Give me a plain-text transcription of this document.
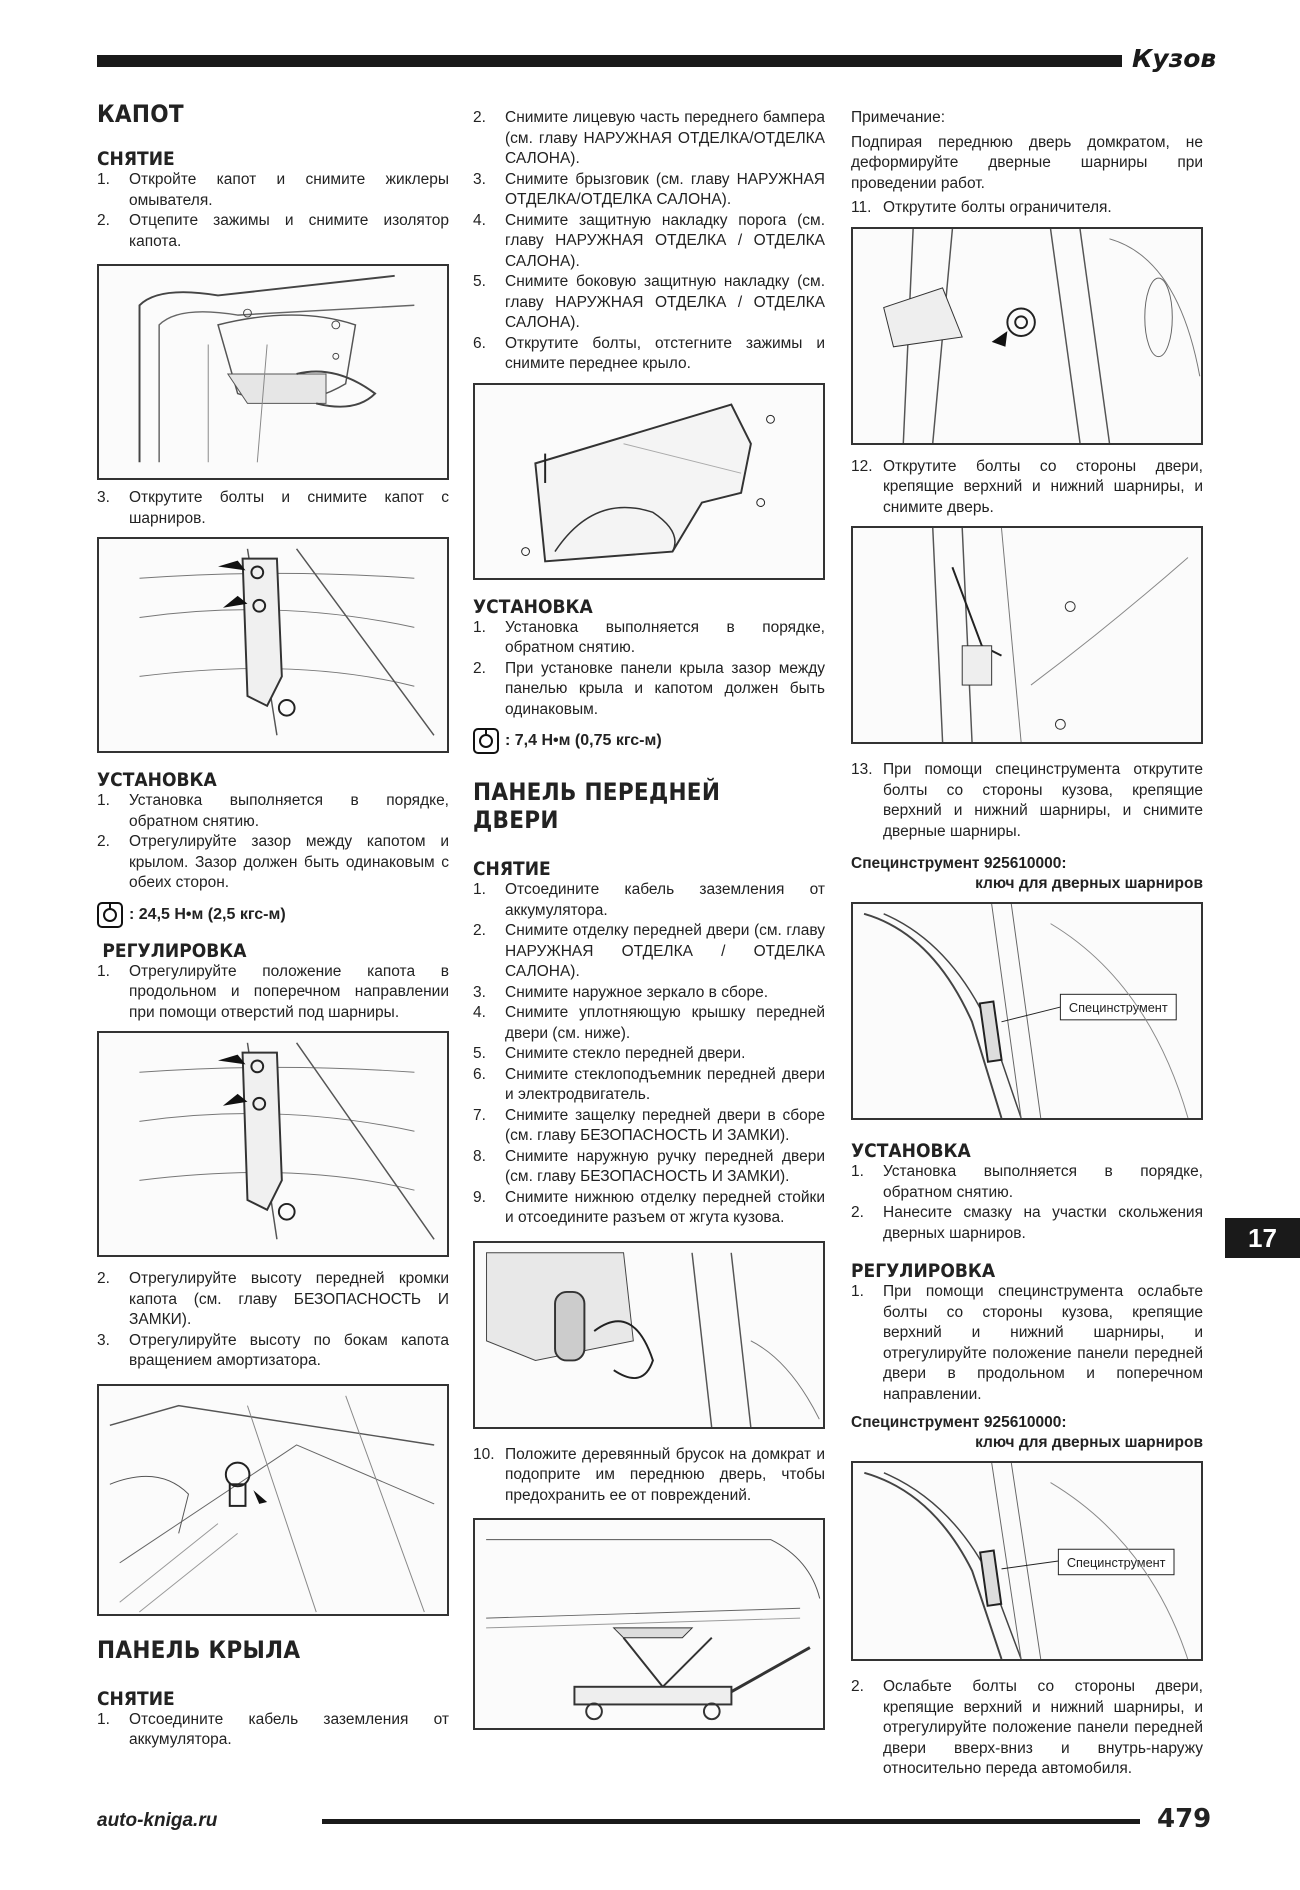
Кузов
КАПОТ
СНЯТИЕ
1. Откройте капот и снимите жиклеры омывателя.
2. Отцепите зажимы и снимите изолятор капота.
3. Открутите болты и снимите капот с шарниров.
УСТАНОВКА
1. Установка выполняется в порядке, обратном снятию.
2. Отрегулируйте зазор между капотом и крылом. Зазор должен быть одинаковым с обеих сторон.
: 24,5 Н•м (2,5 кгс-м)
РЕГУЛИРОВКА
1. Отрегулируйте положение капота в продольном и поперечном направлении при помощи отверстий под шарниры.
2. Отрегулируйте высоту передней кромки капота (см. главу БЕЗОПАСНОСТЬ И ЗАМКИ).
3. Отрегулируйте высоту по бокам капота вращением амортизатора.
ПАНЕЛЬ КРЫЛА
СНЯТИЕ
1. Отсоедините кабель заземления от аккумулятора.
2. Снимите лицевую часть переднего бампера (см. главу НАРУЖНАЯ ОТДЕЛКА/ОТДЕЛКА САЛОНА).
3. Снимите брызговик (см. главу НАРУЖНАЯ ОТДЕЛКА/ОТДЕЛКА САЛОНА).
4. Снимите защитную накладку порога (см. главу НАРУЖНАЯ ОТДЕЛКА / ОТДЕЛКА САЛОНА).
5. Снимите боковую защитную накладку (см. главу НАРУЖНАЯ ОТДЕЛКА / ОТДЕЛКА САЛОНА).
6. Открутите болты, отстегните зажимы и снимите переднее крыло.
УСТАНОВКА
1. Установка выполняется в порядке, обратном снятию.
2. При установке панели крыла зазор между панелью крыла и капотом должен быть одинаковым.
: 7,4 Н•м (0,75 кгс-м)
ПАНЕЛЬ ПЕРЕДНЕЙ ДВЕРИ
СНЯТИЕ
1. Отсоедините кабель заземления от аккумулятора.
2. Снимите отделку передней двери (см. главу НАРУЖНАЯ ОТДЕЛКА / ОТДЕЛКА САЛОНА).
3. Снимите наружное зеркало в сборе.
4. Снимите уплотняющую крышку передней двери (см. ниже).
5. Снимите стекло передней двери.
6. Снимите стеклоподъемник передней двери и электродвигатель.
7. Снимите защелку передней двери в сборе (см. главу БЕЗОПАСНОСТЬ И ЗАМКИ).
8. Снимите наружную ручку передней двери (см. главу БЕЗОПАСНОСТЬ И ЗАМКИ).
9. Снимите нижнюю отделку передней стойки и отсоедините разъем от жгута кузова.
10. Положите деревянный брусок на домкрат и подоприте им переднюю дверь, чтобы предохранить ее от повреждений.

Примечание:

Подпирая переднюю дверь домкратом, не деформируйте дверные шарниры при проведении работ.

11. Открутите болты ограничителя.
12. Открутите болты со стороны двери, крепящие верхний и нижний шарниры, и снимите дверь.
13. При помощи специнструмента открутите болты со стороны кузова, крепящие верхний и нижний шарниры, и снимите дверные шарниры.
Специнструмент 925610000:
ключ для дверных шарниров
Специнструмент
УСТАНОВКА
1. Установка выполняется в порядке, обратном снятию.
2. Нанесите смазку на участки скольжения дверных шарниров.
РЕГУЛИРОВКА
1. При помощи специнструмента ослабьте болты со стороны кузова, крепящие верхний и нижний шарниры, и отрегулируйте положение панели передней двери в продольном и поперечном направлении.
Специнструмент 925610000:
ключ для дверных шарниров
Специнструмент
2. Ослабьте болты со стороны двери, крепящие верхний и нижний шарниры, и отрегулируйте положение панели передней двери вверх-вниз и внутрь-наружу относительно переда автомобиля.
17
auto-kniga.ru	479
